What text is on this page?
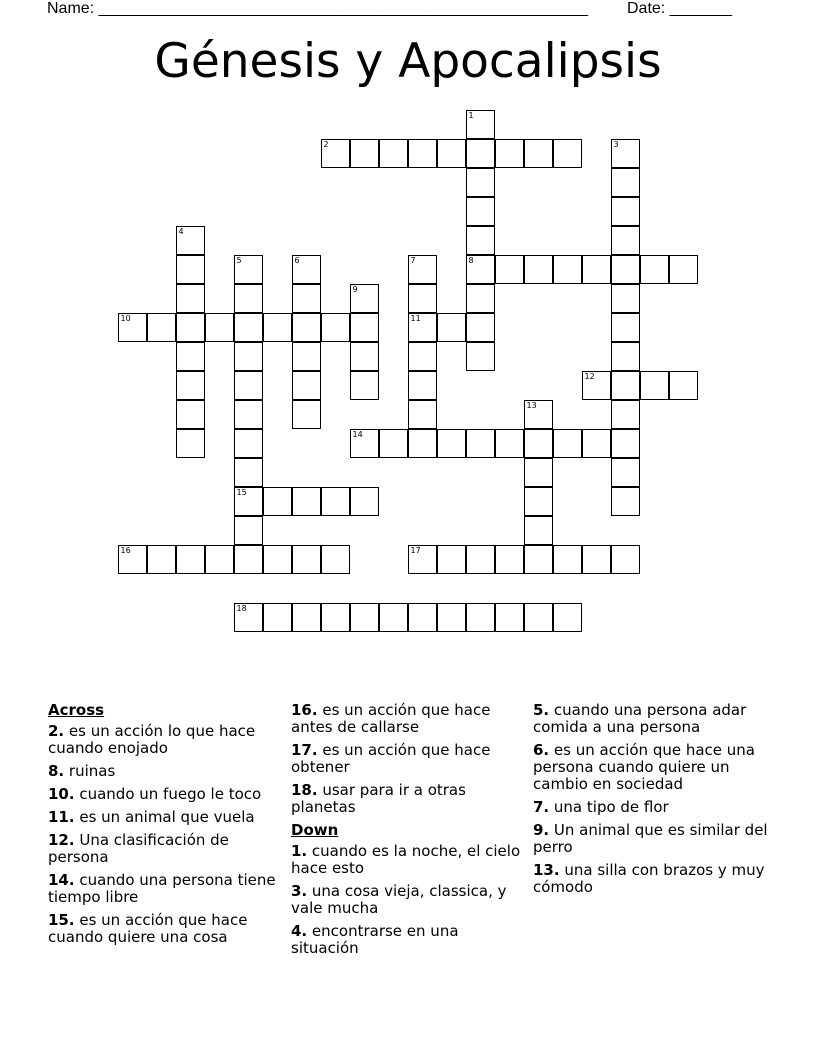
Name: _______________________________________________________ Date: _______
Génesis y Apocalipsis
1
8
2	3
4
5
15
6	7
11
9
10
12
13
14
16	17
18
Across
2. es un acción lo que hace cuando enojado
8. ruinas
10. cuando un fuego le toco
11. es un animal que vuela
12. Una clasificación de persona
14. cuando una persona tiene tiempo libre
15. es un acción que hace cuando quiere una cosa
16. es un acción que hace antes de callarse
17. es un acción que hace obtener
18. usar para ir a otras planetas
Down
1. cuando es la noche, el cielo hace esto
3. una cosa vieja, classica, y vale mucha
4. encontrarse en una situación
5. cuando una persona adar comida a una persona
6. es un acción que hace una persona cuando quiere un cambio en sociedad
7. una tipo de flor
9. Un animal que es similar del perro
13. una silla con brazos y muy cómodo
